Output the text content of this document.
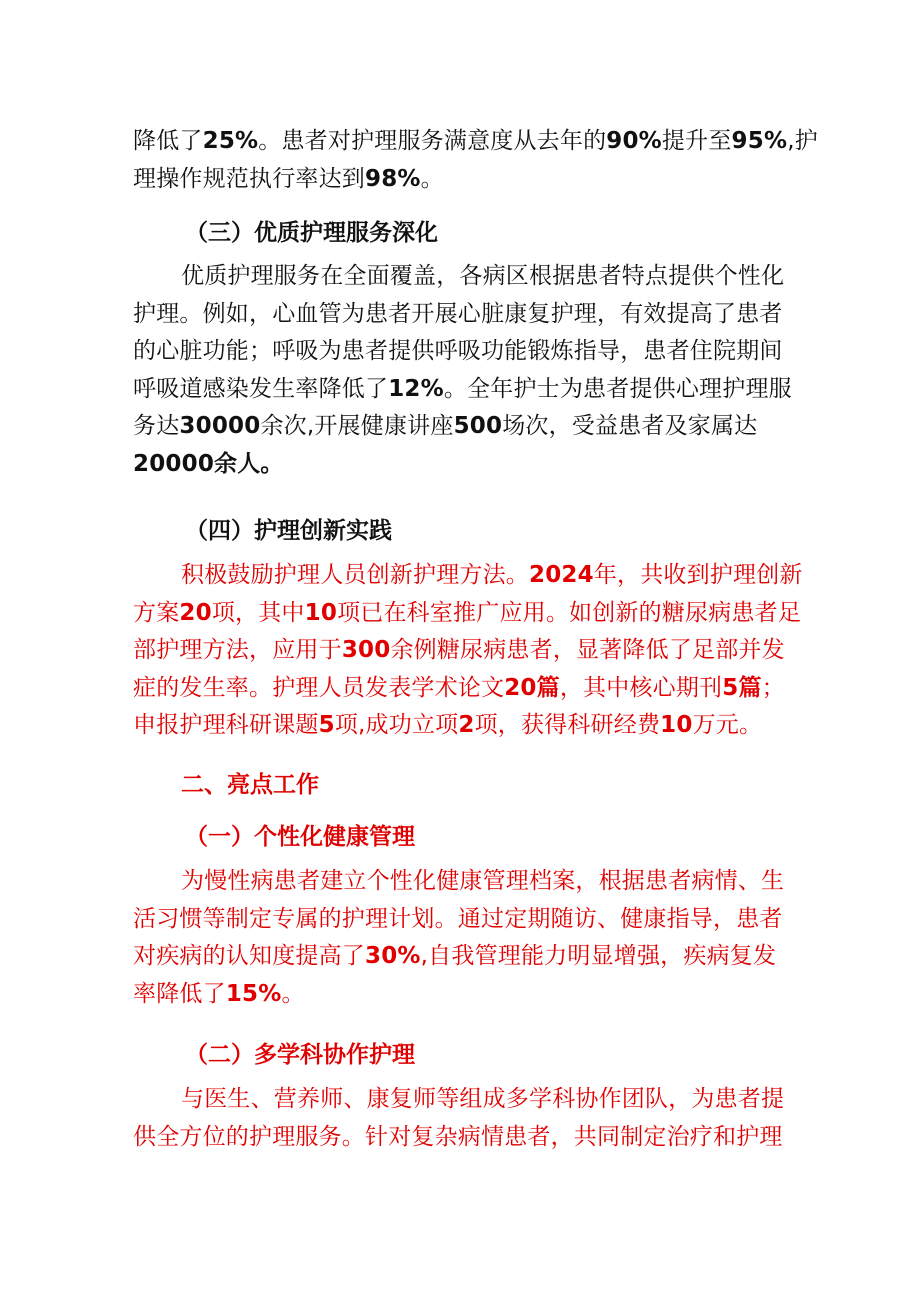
降低了25%。患者对护理服务满意度从去年的90%提升至95%,护
理操作规范执行率达到98%。
（三）优质护理服务深化
优质护理服务在全面覆盖，各病区根据患者特点提供个性化
护理。例如，心血管为患者开展心脏康复护理，有效提高了患者
的心脏功能；呼吸为患者提供呼吸功能锻炼指导，患者住院期间
呼吸道感染发生率降低了12%。全年护士为患者提供心理护理服
务达30000余次,开展健康讲座500场次，受益患者及家属达
20000余人。
（四）护理创新实践
积极鼓励护理人员创新护理方法。2024年，共收到护理创新
方案20项，其中10项已在科室推广应用。如创新的糖尿病患者足
部护理方法，应用于300余例糖尿病患者，显著降低了足部并发
症的发生率。护理人员发表学术论文20篇，其中核心期刊5篇；
申报护理科研课题5项,成功立项2项，获得科研经费10万元。
二、亮点工作
（一）个性化健康管理
为慢性病患者建立个性化健康管理档案，根据患者病情、生
活习惯等制定专属的护理计划。通过定期随访、健康指导，患者
对疾病的认知度提高了30%,自我管理能力明显增强，疾病复发
率降低了15%。
（二）多学科协作护理
与医生、营养师、康复师等组成多学科协作团队，为患者提
供全方位的护理服务。针对复杂病情患者，共同制定治疗和护理
